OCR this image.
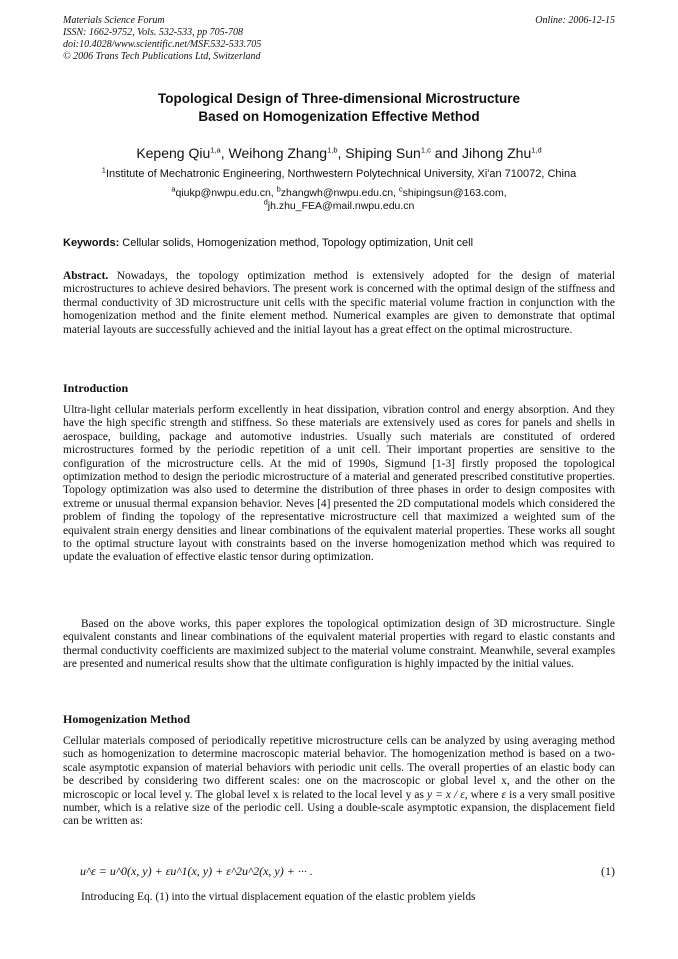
Materials Science Forum
ISSN: 1662-9752, Vols. 532-533, pp 705-708
doi:10.4028/www.scientific.net/MSF.532-533.705
© 2006 Trans Tech Publications Ltd, Switzerland
Online: 2006-12-15
Topological Design of Three-dimensional Microstructure
Based on Homogenization Effective Method
Kepeng Qiu$^{1,a}$, Weihong Zhang$^{1,b}$, Shiping Sun$^{1,c}$ and Jihong Zhu$^{1,d}$
$^1$Institute of Mechatronic Engineering, Northwestern Polytechnical University, Xi'an 710072, China
$^a$qiukp@nwpu.edu.cn, $^b$zhangwh@nwpu.edu.cn, $^c$shipingsun@163.com,
$^d$jh.zhu_FEA@mail.nwpu.edu.cn
Keywords: Cellular solids, Homogenization method, Topology optimization, Unit cell
Abstract. Nowadays, the topology optimization method is extensively adopted for the design of material microstructures to achieve desired behaviors. The present work is concerned with the optimal design of the stiffness and thermal conductivity of 3D microstructure unit cells with the specific material volume fraction in conjunction with the homogenization method and the finite element method. Numerical examples are given to demonstrate that optimal material layouts are successfully achieved and the initial layout has a great effect on the optimal microstructure.
Introduction
Ultra-light cellular materials perform excellently in heat dissipation, vibration control and energy absorption. And they have the high specific strength and stiffness. So these materials are extensively used as cores for panels and shells in aerospace, building, package and automotive industries. Usually such materials are constituted of ordered microstructures formed by the periodic repetition of a unit cell. Their important properties are sensitive to the configuration of the microstructure cells. At the mid of 1990s, Sigmund [1-3] firstly proposed the topological optimization method to design the periodic microstructure of a material and generated prescribed constitutive properties. Topology optimization was also used to determine the distribution of three phases in order to design composites with extreme or unusual thermal expansion behavior. Neves [4] presented the 2D computational models which considered the problem of finding the topology of the representative microstructure cell that maximized a weighted sum of the equivalent strain energy densities and linear combinations of the equivalent material properties. These works all sought to the optimal structure layout with constraints based on the inverse homogenization method which was required to update the evaluation of effective elastic tensor during optimization.
Based on the above works, this paper explores the topological optimization design of 3D microstructure. Single equivalent constants and linear combinations of the equivalent material properties with regard to elastic constants and thermal conductivity coefficients are maximized subject to the material volume constraint. Meanwhile, several examples are presented and numerical results show that the ultimate configuration is highly impacted by the initial values.
Homogenization Method
Cellular materials composed of periodically repetitive microstructure cells can be analyzed by using averaging method such as homogenization to determine macroscopic material behavior. The homogenization method is based on a two-scale asymptotic expansion of material behaviors with periodic unit cells. The overall properties of an elastic body can be described by considering two different scales: one on the macroscopic or global level x, and the other on the microscopic or local level y. The global level x is related to the local level y as y = x / ε, where ε is a very small positive number, which is a relative size of the periodic cell. Using a double-scale asymptotic expansion, the displacement field can be written as:
u^ε = u^0(x, y) + εu^1(x, y) + ε^2u^2(x, y) + ··· .	(1)
Introducing Eq. (1) into the virtual displacement equation of the elastic problem yields
